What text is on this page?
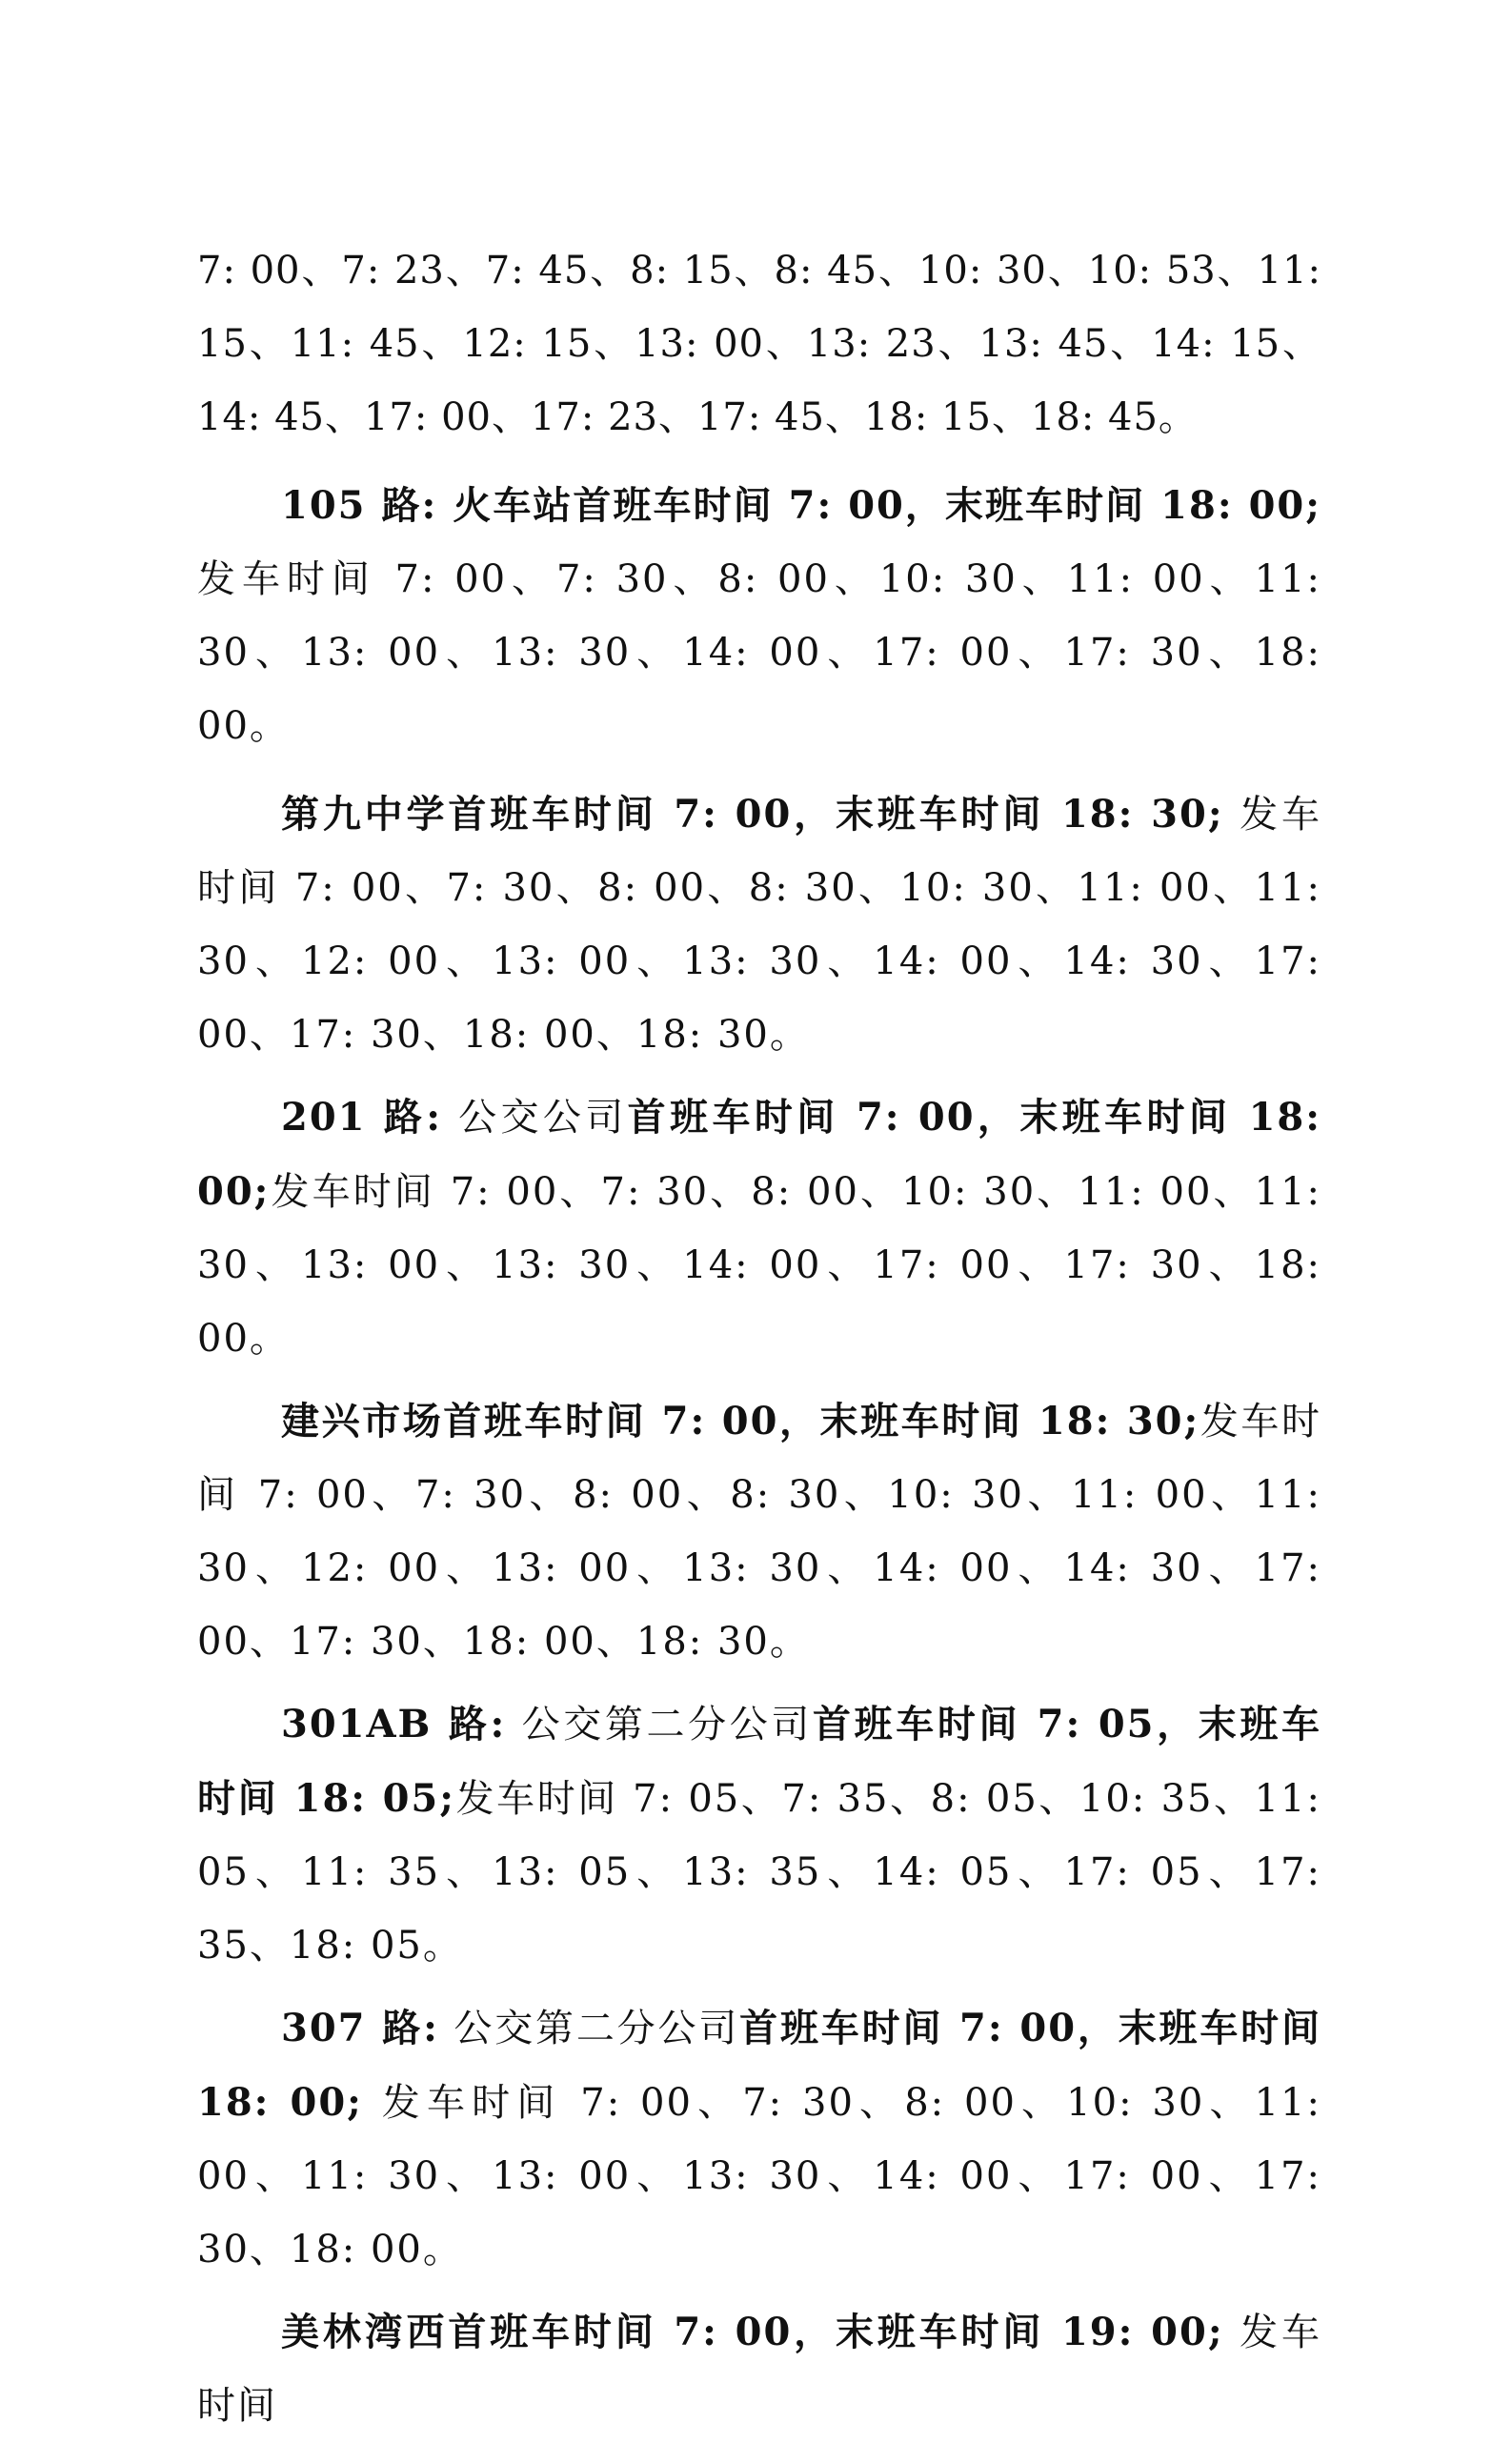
7: 00、7: 23、7: 45、8: 15、8: 45、10: 30、10: 53、11: 15、11: 45、12: 15、13: 00、13: 23、13: 45、14: 15、14: 45、17: 00、17: 23、17: 45、18: 15、18: 45。

105 路: 火车站首班车时间 7: 00，末班车时间 18: 00; 发车时间 7: 00、7: 30、8: 00、10: 30、11: 00、11: 30、13: 00、13: 30、14: 00、17: 00、17: 30、18: 00。

第九中学首班车时间 7: 00，末班车时间 18: 30; 发车时间 7: 00、7: 30、8: 00、8: 30、10: 30、11: 00、11: 30、12: 00、13: 00、13: 30、14: 00、14: 30、17: 00、17: 30、18: 00、18: 30。

201 路: 公交公司首班车时间 7: 00，末班车时间 18: 00;发车时间 7: 00、7: 30、8: 00、10: 30、11: 00、11: 30、13: 00、13: 30、14: 00、17: 00、17: 30、18: 00。

建兴市场首班车时间 7: 00，末班车时间 18: 30;发车时间 7: 00、7: 30、8: 00、8: 30、10: 30、11: 00、11: 30、12: 00、13: 00、13: 30、14: 00、14: 30、17: 00、17: 30、18: 00、18: 30。

301AB 路: 公交第二分公司首班车时间 7: 05，末班车时间 18: 05;发车时间 7: 05、7: 35、8: 05、10: 35、11: 05、11: 35、13: 05、13: 35、14: 05、17: 05、17: 35、18: 05。

307 路: 公交第二分公司首班车时间 7: 00，末班车时间 18: 00; 发车时间 7: 00、7: 30、8: 00、10: 30、11: 00、11: 30、13: 00、13: 30、14: 00、17: 00、17: 30、18: 00。

美林湾西首班车时间 7: 00，末班车时间 19: 00; 发车时间
